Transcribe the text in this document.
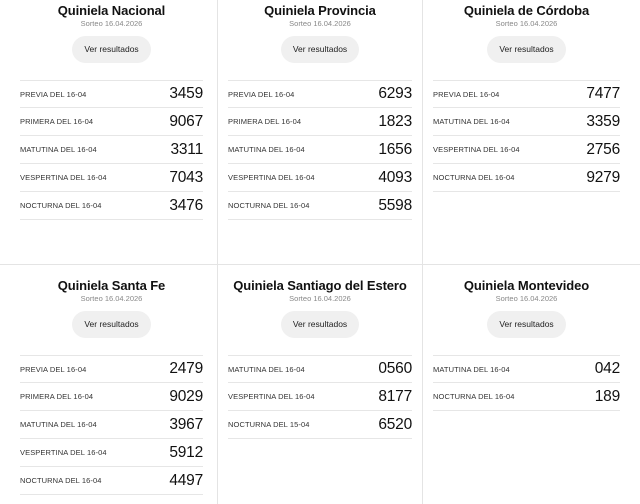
Quiniela Nacional
Sorteo 16.04.2026
Ver resultados
PREVIA DEL 16-04	3459
PRIMERA DEL 16-04	9067
MATUTINA DEL 16-04	3311
VESPERTINA DEL 16-04	7043
NOCTURNA DEL 16-04	3476
Quiniela Provincia
Sorteo 16.04.2026
Ver resultados
PREVIA DEL 16-04	6293
PRIMERA DEL 16-04	1823
MATUTINA DEL 16-04	1656
VESPERTINA DEL 16-04	4093
NOCTURNA DEL 16-04	5598
Quiniela de Córdoba
Sorteo 16.04.2026
Ver resultados
PREVIA DEL 16-04	7477
MATUTINA DEL 16-04	3359
VESPERTINA DEL 16-04	2756
NOCTURNA DEL 16-04	9279
Quiniela Santa Fe
Sorteo 16.04.2026
Ver resultados
PREVIA DEL 16-04	2479
PRIMERA DEL 16-04	9029
MATUTINA DEL 16-04	3967
VESPERTINA DEL 16-04	5912
NOCTURNA DEL 16-04	4497
Quiniela Santiago del Estero
Sorteo 16.04.2026
Ver resultados
MATUTINA DEL 16-04	0560
VESPERTINA DEL 16-04	8177
NOCTURNA DEL 15-04	6520
Quiniela Montevideo
Sorteo 16.04.2026
Ver resultados
MATUTINA DEL 16-04	042
NOCTURNA DEL 16-04	189
